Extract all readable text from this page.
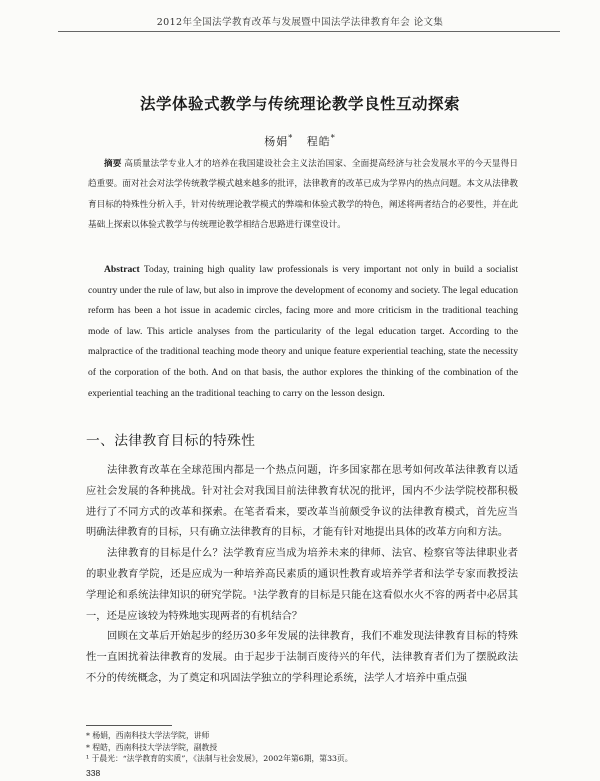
2012年全国法学教育改革与发展暨中国法学法律教育年会 论文集
法学体验式教学与传统理论教学良性互动探索
杨娟* 程皓*
摘要 高质量法学专业人才的培养在我国建设社会主义法治国家、全面提高经济与社会发展水平的今天显得日趋重要。面对社会对法学传统教学模式越来越多的批评，法律教育的改革已成为学界内的热点问题。本文从法律教育目标的特殊性分析入手，针对传统理论教学模式的弊端和体验式教学的特色，阐述将两者结合的必要性，并在此基础上探索以体验式教学与传统理论教学相结合思路进行课堂设计。
Abstract Today, training high quality law professionals is very important not only in build a socialist country under the rule of law, but also in improve the development of economy and society. The legal education reform has been a hot issue in academic circles, facing more and more criticism in the traditional teaching mode of law. This article analyses from the particularity of the legal education target. According to the malpractice of the traditional teaching mode theory and unique feature experiential teaching, state the necessity of the corporation of the both. And on that basis, the author explores the thinking of the combination of the experiential teaching an the traditional teaching to carry on the lesson design.
一、法律教育目标的特殊性

法律教育改革在全球范围内都是一个热点问题，许多国家都在思考如何改革法律教育以适应社会发展的各种挑战。针对社会对我国目前法律教育状况的批评，国内不少法学院校都积极进行了不同方式的改革和探索。在笔者看来，要改革当前颇受争议的法律教育模式，首先应当明确法律教育的目标，只有确立法律教育的目标，才能有针对地提出具体的改革方向和方法。

法律教育的目标是什么？法学教育应当成为培养未来的律师、法官、检察官等法律职业者的职业教育学院，还是应成为一种培养高民素质的通识性教育或培养学者和法学专家而教授法学理论和系统法律知识的研究学院。¹法学教育的目标是只能在这看似水火不容的两者中必居其一，还是应该较为特殊地实现两者的有机结合？

回顾在文革后开始起步的经历30多年发展的法律教育，我们不难发现法律教育目标的特殊性一直困扰着法律教育的发展。由于起步于法制百废待兴的年代，法律教育者们为了摆脱政法不分的传统概念，为了奠定和巩固法学独立的学科理论系统，法学人才培养中重点强

* 杨娟，西南科技大学法学院，讲师
* 程皓，西南科技大学法学院，副教授
¹ 于晨光：“法学教育的实质”，《法制与社会发展》，2002年第6期，第33页。
338
